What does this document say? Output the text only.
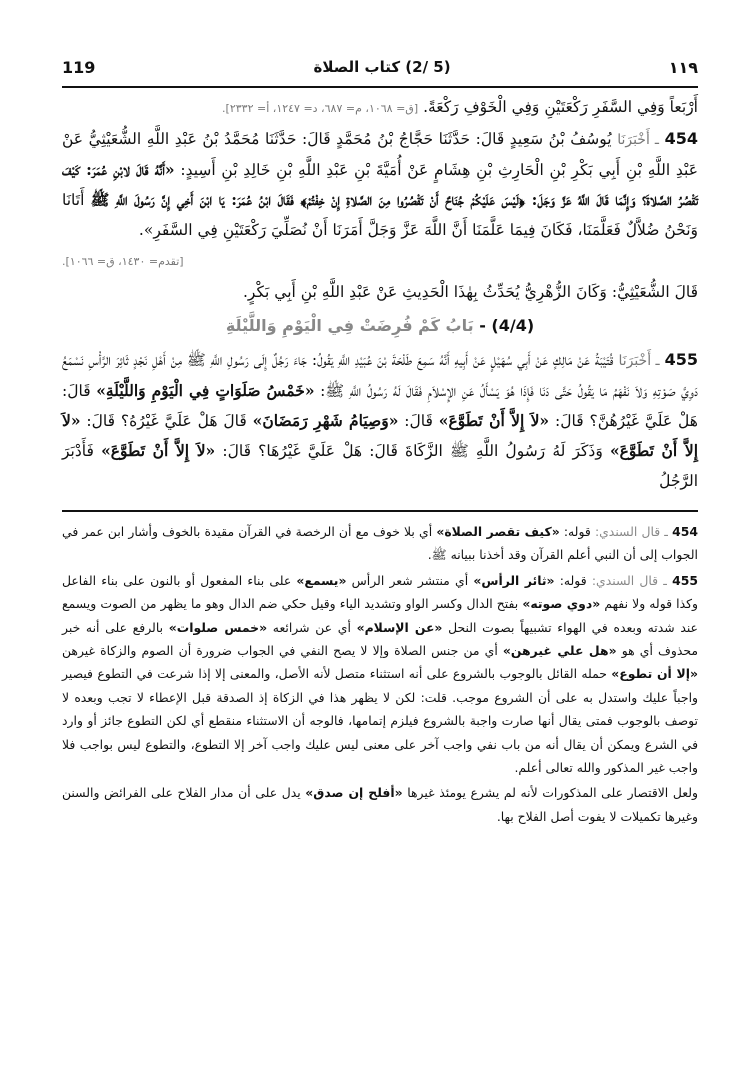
119	(5 /2) كتاب الصلاة	١١٩

أَرْبَعاً وَفِي السَّفَرِ رَكْعَتَيْنِ وَفِي الْخَوْفِ رَكْعَةً. [ق= ١٠٦٨، م= ٦٨٧، د= ١٢٤٧، أ= ٢٣٣٢].

454 ـ أَخْبَرَنَا يُوسُفُ بْنُ سَعِيدٍ قَالَ: حَدَّثَنَا حَجَّاجُ بْنُ مُحَمَّدٍ قَالَ: حَدَّثَنَا مُحَمَّدُ بْنُ عَبْدِ اللَّهِ الشُّعَيْثِيُّ عَنْ عَبْدِ اللَّهِ بْنِ أَبِي بَكْرِ بْنِ الْحَارِثِ بْنِ هِشَامٍ عَنْ أُمَيَّةَ بْنِ عَبْدِ اللَّهِ بْنِ خَالِدِ بْنِ أَسِيدٍ: «أَنَّهُ قَالَ لابْنِ عُمَرَ: كَيْفَ تَقْصُرُ الصَّلاةَ؟ وَإِنَّمَا قَالَ اللَّهُ عَزَّ وَجَلَ: ﴿لَيْسَ عَلَيْكُمْ جُنَاحٌ أَنْ تَقْصُرُوا مِنَ الصَّلاةِ إِنْ خِفْتُمْ﴾ فَقَالَ ابْنُ عُمَرَ: يَا ابْنَ أَخِي إِنَّ رَسُولَ اللَّهِ ﷺ أَتَانَا وَنَحْنُ ضُلاَّلٌ فَعَلَّمَنَا، فَكَانَ فِيمَا عَلَّمَنَا أَنَّ اللَّهَ عَزَّ وَجَلَّ أَمَرَنَا أَنْ نُصَلِّيَ رَكْعَتَيْنِ فِي السَّفَرِ».

[تقدم= ١٤٣٠، ق= ١٠٦٦].

قَالَ الشُّعَيْثِيُّ: وَكَانَ الزُّهْرِيُّ يُحَدِّثُ بِهٰذَا الْحَدِيثِ عَنْ عَبْدِ اللَّهِ بْنِ أَبِي بَكْرٍ.

(4/4) - بَابُ كَمْ فُرِضَتْ فِي الْيَوْمِ وَاللَّيْلَةِ

455 ـ أَخْبَرَنَا قُتَيْبَةُ عَنْ مَالِكٍ عَنْ أَبِي سُهَيْلٍ عَنْ أَبِيهِ أَنَّهُ سَمِعَ طَلْحَةَ بْنَ عُبَيْدِ اللَّهِ يَقُولُ: جَاءَ رَجُلٌ إِلَى رَسُولِ اللَّهِ ﷺ مِنْ أَهْلِ نَجْدٍ ثَائِرَ الرَّأْسِ نَسْمَعُ دَوِيَّ صَوْتِهِ وَلاَ نَفْهَمُ مَا يَقُولُ حَتَّى دَنَا فَإِذَا هُوَ يَسْأَلُ عَنِ الإِسْلاَمِ فَقَالَ لَهُ رَسُولُ اللَّهِ ﷺ: «خَمْسُ صَلَوَاتٍ فِي الْيَوْمِ وَاللَّيْلَةِ» قَالَ: هَلْ عَلَيَّ غَيْرُهُنَّ؟ قَالَ: «لاَ إِلاَّ أَنْ تَطَوَّعَ» قَالَ: «وَصِيَامُ شَهْرِ رَمَضَانَ» قَالَ هَلْ عَلَيَّ غَيْرُهُ؟ قَالَ: «لاَ إِلاَّ أَنْ تَطَوَّعَ» وَذَكَرَ لَهُ رَسُولُ اللَّهِ ﷺ الزَّكَاةَ قَالَ: هَلْ عَلَيَّ غَيْرُهَا؟ قَالَ: «لاَ إِلاَّ أَنْ تَطَوَّعَ» فَأَدْبَرَ الرَّجُلُ

454 ـ قال السندي: قوله: «كيف تقصر الصلاة» أي بلا خوف مع أن الرخصة في القرآن مقيدة بالخوف وأشار ابن عمر في الجواب إلى أن النبي أعلم القرآن وقد أخذنا ببيانه ﷺ.

455 ـ قال السندي: قوله: «ثائر الرأس» أي منتشر شعر الرأس «يسمع» على بناء المفعول أو بالنون على بناء الفاعل وكذا قوله ولا نفهم «دوي صوته» بفتح الدال وكسر الواو وتشديد الياء وقيل حكي ضم الدال وهو ما يظهر من الصوت ويسمع عند شدته وبعده في الهواء تشبيهاً بصوت النحل «عن الإسلام» أي عن شرائعه «خمس صلوات» بالرفع على أنه خبر محذوف أي هو «هل علي غيرهن» أي من جنس الصلاة وإلا لا يصح النفي في الجواب ضرورة أن الصوم والزكاة غيرهن «إلا أن تطوع» حمله القائل بالوجوب بالشروع على أنه استثناء متصل لأنه الأصل، والمعنى إلا إذا شرعت في التطوع فيصير واجباً عليك واستدل به على أن الشروع موجب. قلت: لكن لا يظهر هذا في الزكاة إذ الصدقة قبل الإعطاء لا تجب وبعده لا توصف بالوجوب فمتى يقال أنها صارت واجبة بالشروع فيلزم إتمامها، فالوجه أن الاستثناء منقطع أي لكن التطوع جائز أو وارد في الشرع ويمكن أن يقال أنه من باب نفي واجب آخر على معنى ليس عليك واجب آخر إلا التطوع، والتطوع ليس بواجب فلا واجب غير المذكور والله تعالى أعلم.

ولعل الاقتصار على المذكورات لأنه لم يشرع يومئذ غيرها «أفلح إن صدق» يدل على أن مدار الفلاح على الفرائض والسنن وغيرها تكميلات لا يفوت أصل الفلاح بها.
